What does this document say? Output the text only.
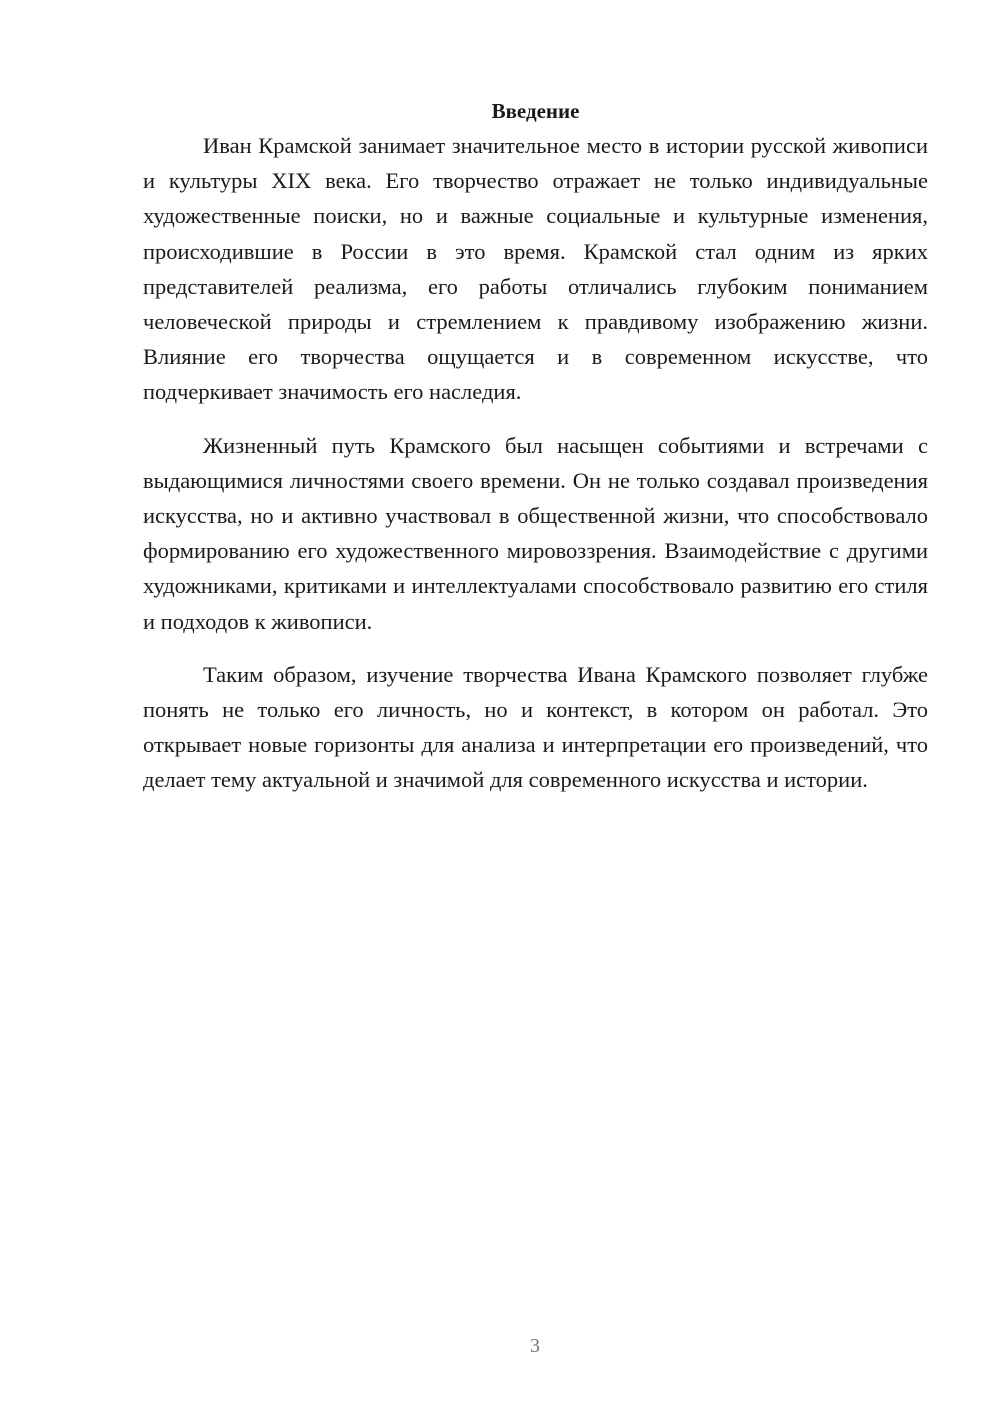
Введение

Иван Крамской занимает значительное место в истории русской живописи и культуры XIX века. Его творчество отражает не только индивидуальные художественные поиски, но и важные социальные и культурные изменения, происходившие в России в это время. Крамской стал одним из ярких представителей реализма, его работы отличались глубоким пониманием человеческой природы и стремлением к правдивому изображению жизни. Влияние его творчества ощущается и в современном искусстве, что подчеркивает значимость его наследия.

Жизненный путь Крамского был насыщен событиями и встречами с выдающимися личностями своего времени. Он не только создавал произведения искусства, но и активно участвовал в общественной жизни, что способствовало формированию его художественного мировоззрения. Взаимодействие с другими художниками, критиками и интеллектуалами способствовало развитию его стиля и подходов к живописи.

Таким образом, изучение творчества Ивана Крамского позволяет глубже понять не только его личность, но и контекст, в котором он работал. Это открывает новые горизонты для анализа и интерпретации его произведений, что делает тему актуальной и значимой для современного искусства и истории.

3
